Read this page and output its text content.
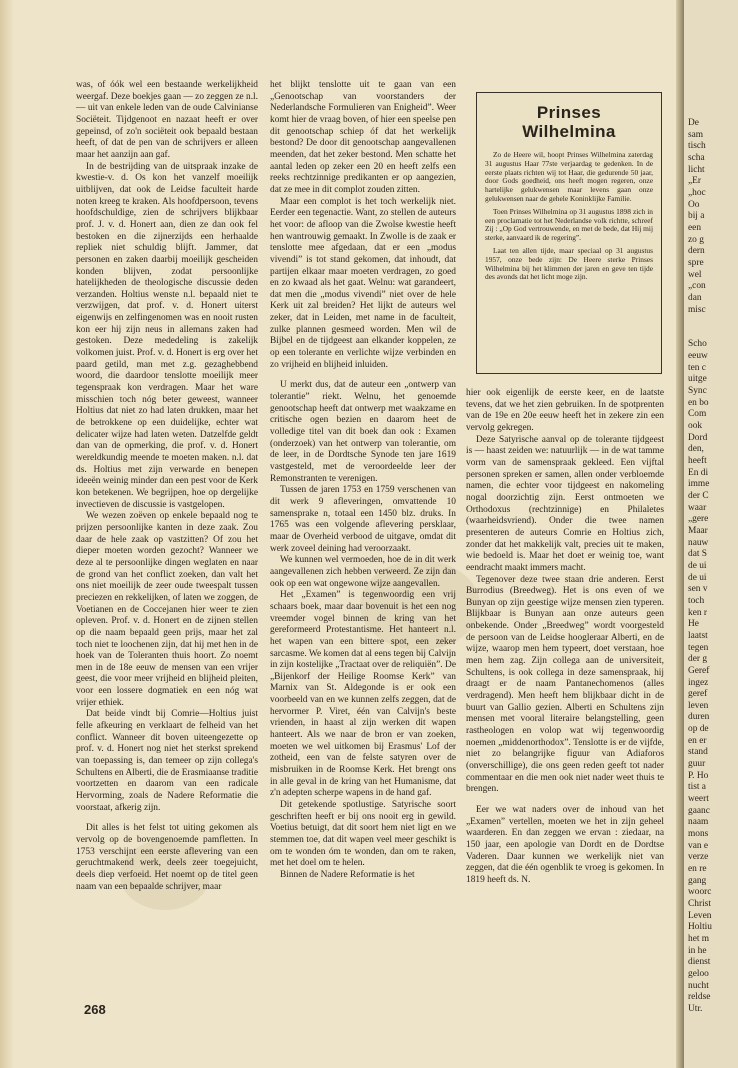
was, of óók wel een bestaande werkelijkheid weergaf. Deze boekjes gaan — zo zeggen ze n.l. — uit van enkele leden van de oude Calvinianse Sociëteit. Tijdgenoot en nazaat heeft er over gepeinsd, of zo'n sociëteit ook bepaald bestaan heeft, of dat de pen van de schrijvers er alleen maar het aanzijn aan gaf.

In de bestrijding van de uitspraak inzake de kwestie-v. d. Os kon het vanzelf moeilijk uitblijven, dat ook de Leidse faculteit harde noten kreeg te kraken. Als hoofdpersoon, tevens hoofdschuldige, zien de schrijvers blijkbaar prof. J. v. d. Honert aan, dien ze dan ook fel bestoken en die zijnerzijds een herhaalde repliek niet schuldig blijft. Jammer, dat personen en zaken daarbij moeilijk gescheiden konden blijven, zodat persoonlijke hatelijkheden de theologische discussie deden verzanden. Holtius wenste n.l. bepaald niet te verzwijgen, dat prof. v. d. Honert uiterst eigenwijs en zelfingenomen was en nooit rusten kon eer hij zijn neus in allemans zaken had gestoken. Deze mededeling is zakelijk volkomen juist. Prof. v. d. Honert is erg over het paard getild, man met z.g. gezaghebbend woord, die daardoor tenslotte moeilijk meer tegenspraak kon verdragen. Maar het ware misschien toch nóg beter geweest, wanneer Holtius dat niet zo had laten drukken, maar het de betrokkene op een duidelijke, echter wat delicater wijze had laten weten. Datzelfde geldt dan van de opmerking, die prof. v. d. Honert wereldkundig meende te moeten maken. n.l. dat ds. Holtius met zijn verwarde en benepen ideeën weinig minder dan een pest voor de Kerk kon betekenen. We begrijpen, hoe op dergelijke invectieven de discussie is vastgelopen.

We wezen zoëven op enkele bepaald nog te prijzen persoonlijke kanten in deze zaak. Zou daar de hele zaak op vastzitten? Of zou het dieper moeten worden gezocht? Wanneer we deze al te persoonlijke dingen weglaten en naar de grond van het conflict zoeken, dan valt het ons niet moeilijk de zeer oude tweespalt tussen preciezen en rekkelijken, of laten we zoggen, de Voetianen en de Coccejanen hier weer te zien opleven. Prof. v. d. Honert en de zijnen stellen op die naam bepaald geen prijs, maar het zal toch niet te loochenen zijn, dat hij met hen in de hoek van de Toleranten thuis hoort. Zo noemt men in de 18e eeuw de mensen van een vrijer geest, die voor meer vrijheid en blijheid pleiten, voor een lossere dogmatiek en een nóg wat vrijer ethiek.

Dat beide vindt bij Comrie—Holtius juist felle afkeuring en verklaart de felheid van het conflict. Wanneer dit boven uiteengezette op prof. v. d. Honert nog niet het sterkst sprekend van toepassing is, dan temeer op zijn collega's Schultens en Alberti, die de Erasmiaanse traditie voortzetten en daarom van een radicale Hervorming, zoals de Nadere Reformatie die voorstaat, afkerig zijn.

Dit alles is het felst tot uiting gekomen als vervolg op de bovengenoemde pamfletten. In 1753 verschijnt een eerste aflevering van een geruchtmakend werk, deels zeer toegejuicht, deels diep verfoeid. Het noemt op de titel geen naam van een bepaalde schrijver, maar

het blijkt tenslotte uit te gaan van een „Genootschap van voorstanders der Nederlandsche Formulieren van Enigheid”. Weer komt hier de vraag boven, of hier een speelse pen dit genootschap schiep óf dat het werkelijk bestond? De door dit genootschap aangevallenen meenden, dat het zeker bestond. Men schatte het aantal leden op zeker een 20 en heeft zelfs een reeks rechtzinnige predikanten er op aangezien, dat ze mee in dit complot zouden zitten.

Maar een complot is het toch werkelijk niet. Eerder een tegenactie. Want, zo stellen de auteurs het voor: de afloop van die Zwolse kwestie heeft hen wantrouwig gemaakt. In Zwolle is de zaak er tenslotte mee afgedaan, dat er een „modus vivendi” is tot stand gekomen, dat inhoudt, dat partijen elkaar maar moeten verdragen, zo goed en zo kwaad als het gaat. Welnu: wat garandeert, dat men die „modus vivendi” niet over de hele Kerk uit zal breiden? Het lijkt de auteurs wel zeker, dat in Leiden, met name in de faculteit, zulke plannen gesmeed worden. Men wil de Bijbel en de tijdgeest aan elkander koppelen, ze op een tolerante en verlichte wijze verbinden en zo vrijheid en blijheid inluiden.

U merkt dus, dat de auteur een „ontwerp van tolerantie” riekt. Welnu, het genoemde genootschap heeft dat ontwerp met waakzame en critische ogen bezien en daarom heet de volledige titel van dit boek dan ook : Examen (onderzoek) van het ontwerp van tolerantie, om de leer, in de Dordtsche Synode ten jare 1619 vastgesteld, met de veroordeelde leer der Remonstranten te verenigen.

Tussen de jaren 1753 en 1759 verschenen van dit werk 9 afleveringen, omvattende 10 samensprake n, totaal een 1450 blz. druks. In 1765 was een volgende aflevering persklaar, maar de Overheid verbood de uitgave, omdat dit werk zoveel deining had veroorzaakt.

We kunnen wel vermoeden, hoe de in dit werk aangevallenen zich hebben verweerd. Ze zijn dan ook op een wat ongewone wijze aangevallen.

Het „Examen” is tegenwoordig een vrij schaars boek, maar daar bovenuit is het een nog vreemder vogel binnen de kring van het gereformeerd Protestantisme. Het hanteert n.l. het wapen van een bittere spot, een zeker sarcasme. We komen dat al eens tegen bij Calvijn in zijn kostelijke „Tractaat over de reliquiën”. De „Bijenkorf der Heilige Roomse Kerk” van Marnix van St. Aldegonde is er ook een voorbeeld van en we kunnen zelfs zeggen, dat de hervormer P. Viret, één van Calvijn's beste vrienden, in haast al zijn werken dit wapen hanteert. Als we naar de bron er van zoeken, moeten we wel uitkomen bij Erasmus' Lof der zotheid, een van de felste satyren over de misbruiken in de Roomse Kerk. Het brengt ons in alle geval in de kring van het Humanisme, dat z'n adepten scherpe wapens in de hand gaf.

Dit getekende spotlustige. Satyrische soort geschriften heeft er bij ons nooit erg in gewild. Voetius betuigt, dat dit soort hem niet ligt en we stemmen toe, dat dit wapen veel meer geschikt is om te wonden óm te wonden, dan om te raken, met het doel om te helen.

Binnen de Nadere Reformatie is het

Prinses
Wilhelmina

Zo de Heere wil, hoopt Prinses Wilhelmina zaterdag 31 augustus Haar 77ste verjaardag te gedenken. In de eerste plaats richten wij tot Haar, die gedurende 50 jaar, door Gods goedheid, ons heeft mogen regeren, onze hartelijke gelukwensen maar levens gaan onze gelukwensen naar de gehele Koninklijke Familie.

Toen Prinses Wilhelmina op 31 augustus 1898 zich in een proclamatie tot het Nederlandse volk richtte, schreef Zij : „Op God vertrouwende, en met de bede, dat Hij mij sterke, aanvaard ik de regering”.

Laat ten allen tijde, maar speciaal op 31 augustus 1957, onze bede zijn: De Heere sterke Prinses Wilhelmina bij het klimmen der jaren en geve ten tijde des avonds dat het licht moge zijn.

hier ook eigenlijk de eerste keer, en de laatste tevens, dat we het zien gebruiken. In de spotprenten van de 19e en 20e eeuw heeft het in zekere zin een vervolg gekregen.

Deze Satyrische aanval op de tolerante tijdgeest is — haast zeiden we: natuurlijk — in de wat tamme vorm van de samenspraak gekleed. Een vijftal personen spreken er samen, allen onder verbloemde namen, die echter voor tijdgeest en nakomeling nogal doorzichtig zijn. Eerst ontmoeten we Orthodoxus (rechtzinnige) en Philaletes (waarheidsvriend). Onder die twee namen presenteren de auteurs Comrie en Holtius zich, zonder dat het makkelijk valt, precies uit te maken, wie bedoeld is. Maar het doet er weinig toe, want eendracht maakt immers macht.

Tegenover deze twee staan drie anderen. Eerst Burrodius (Breedweg). Het is ons even of we Bunyan op zijn geestige wijze mensen zien typeren. Blijkbaar is Bunyan aan onze auteurs geen onbekende. Onder „Breedweg” wordt voorgesteld de persoon van de Leidse hoogleraar Alberti, en de wijze, waarop men hem typeert, doet verstaan, hoe men hem zag. Zijn collega aan de universiteit, Schultens, is ook collega in deze samenspraak, hij draagt er de naam Pantanechomenos (alles verdragend). Men heeft hem blijkbaar dicht in de buurt van Gallio gezien. Alberti en Schultens zijn mensen met vooral literaire belangstelling, geen rastheologen en volop wat wij tegenwoordig noemen „middenorthodox”. Tenslotte is er de vijfde, niet zo belangrijke figuur van Adiaforos (onverschillige), die ons geen reden geeft tot nader commentaar en die men ook niet nader weet thuis te brengen.

Eer we wat naders over de inhoud van het „Examen” vertellen, moeten we het in zijn geheel waarderen. En dan zeggen we ervan : ziedaar, na 150 jaar, een apologie van Dordt en de Dordtse Vaderen. Daar kunnen we werkelijk niet van zeggen, dat die één ogenblik te vroeg is gekomen. In 1819 heeft ds. N.

268
De
sam
tisch
scha
licht
„Er
„hoc
Oo
bij a
een
zo g
dern
spre
wel
„con
dan
misc

Scho
eeuw
ten c
uitge
Sync
en bo
Com
ook
Dord
den,
heeft
En di
imme
der C
waar
„gere
Maar
nauw
dat S
de ui
de ui
sen v
toch
ken r
He
laatst
tegen
der g
Geref
ingez
geref
leven
duren
op de
en er
stand
guur
P. Ho
tist a
weert
gaanc
naam
mons
van e
verze
en re
gang
woorc
Christ
Leven
Holtiu
het m
in he
dienst
geloo
nucht
reldse
Utr.
